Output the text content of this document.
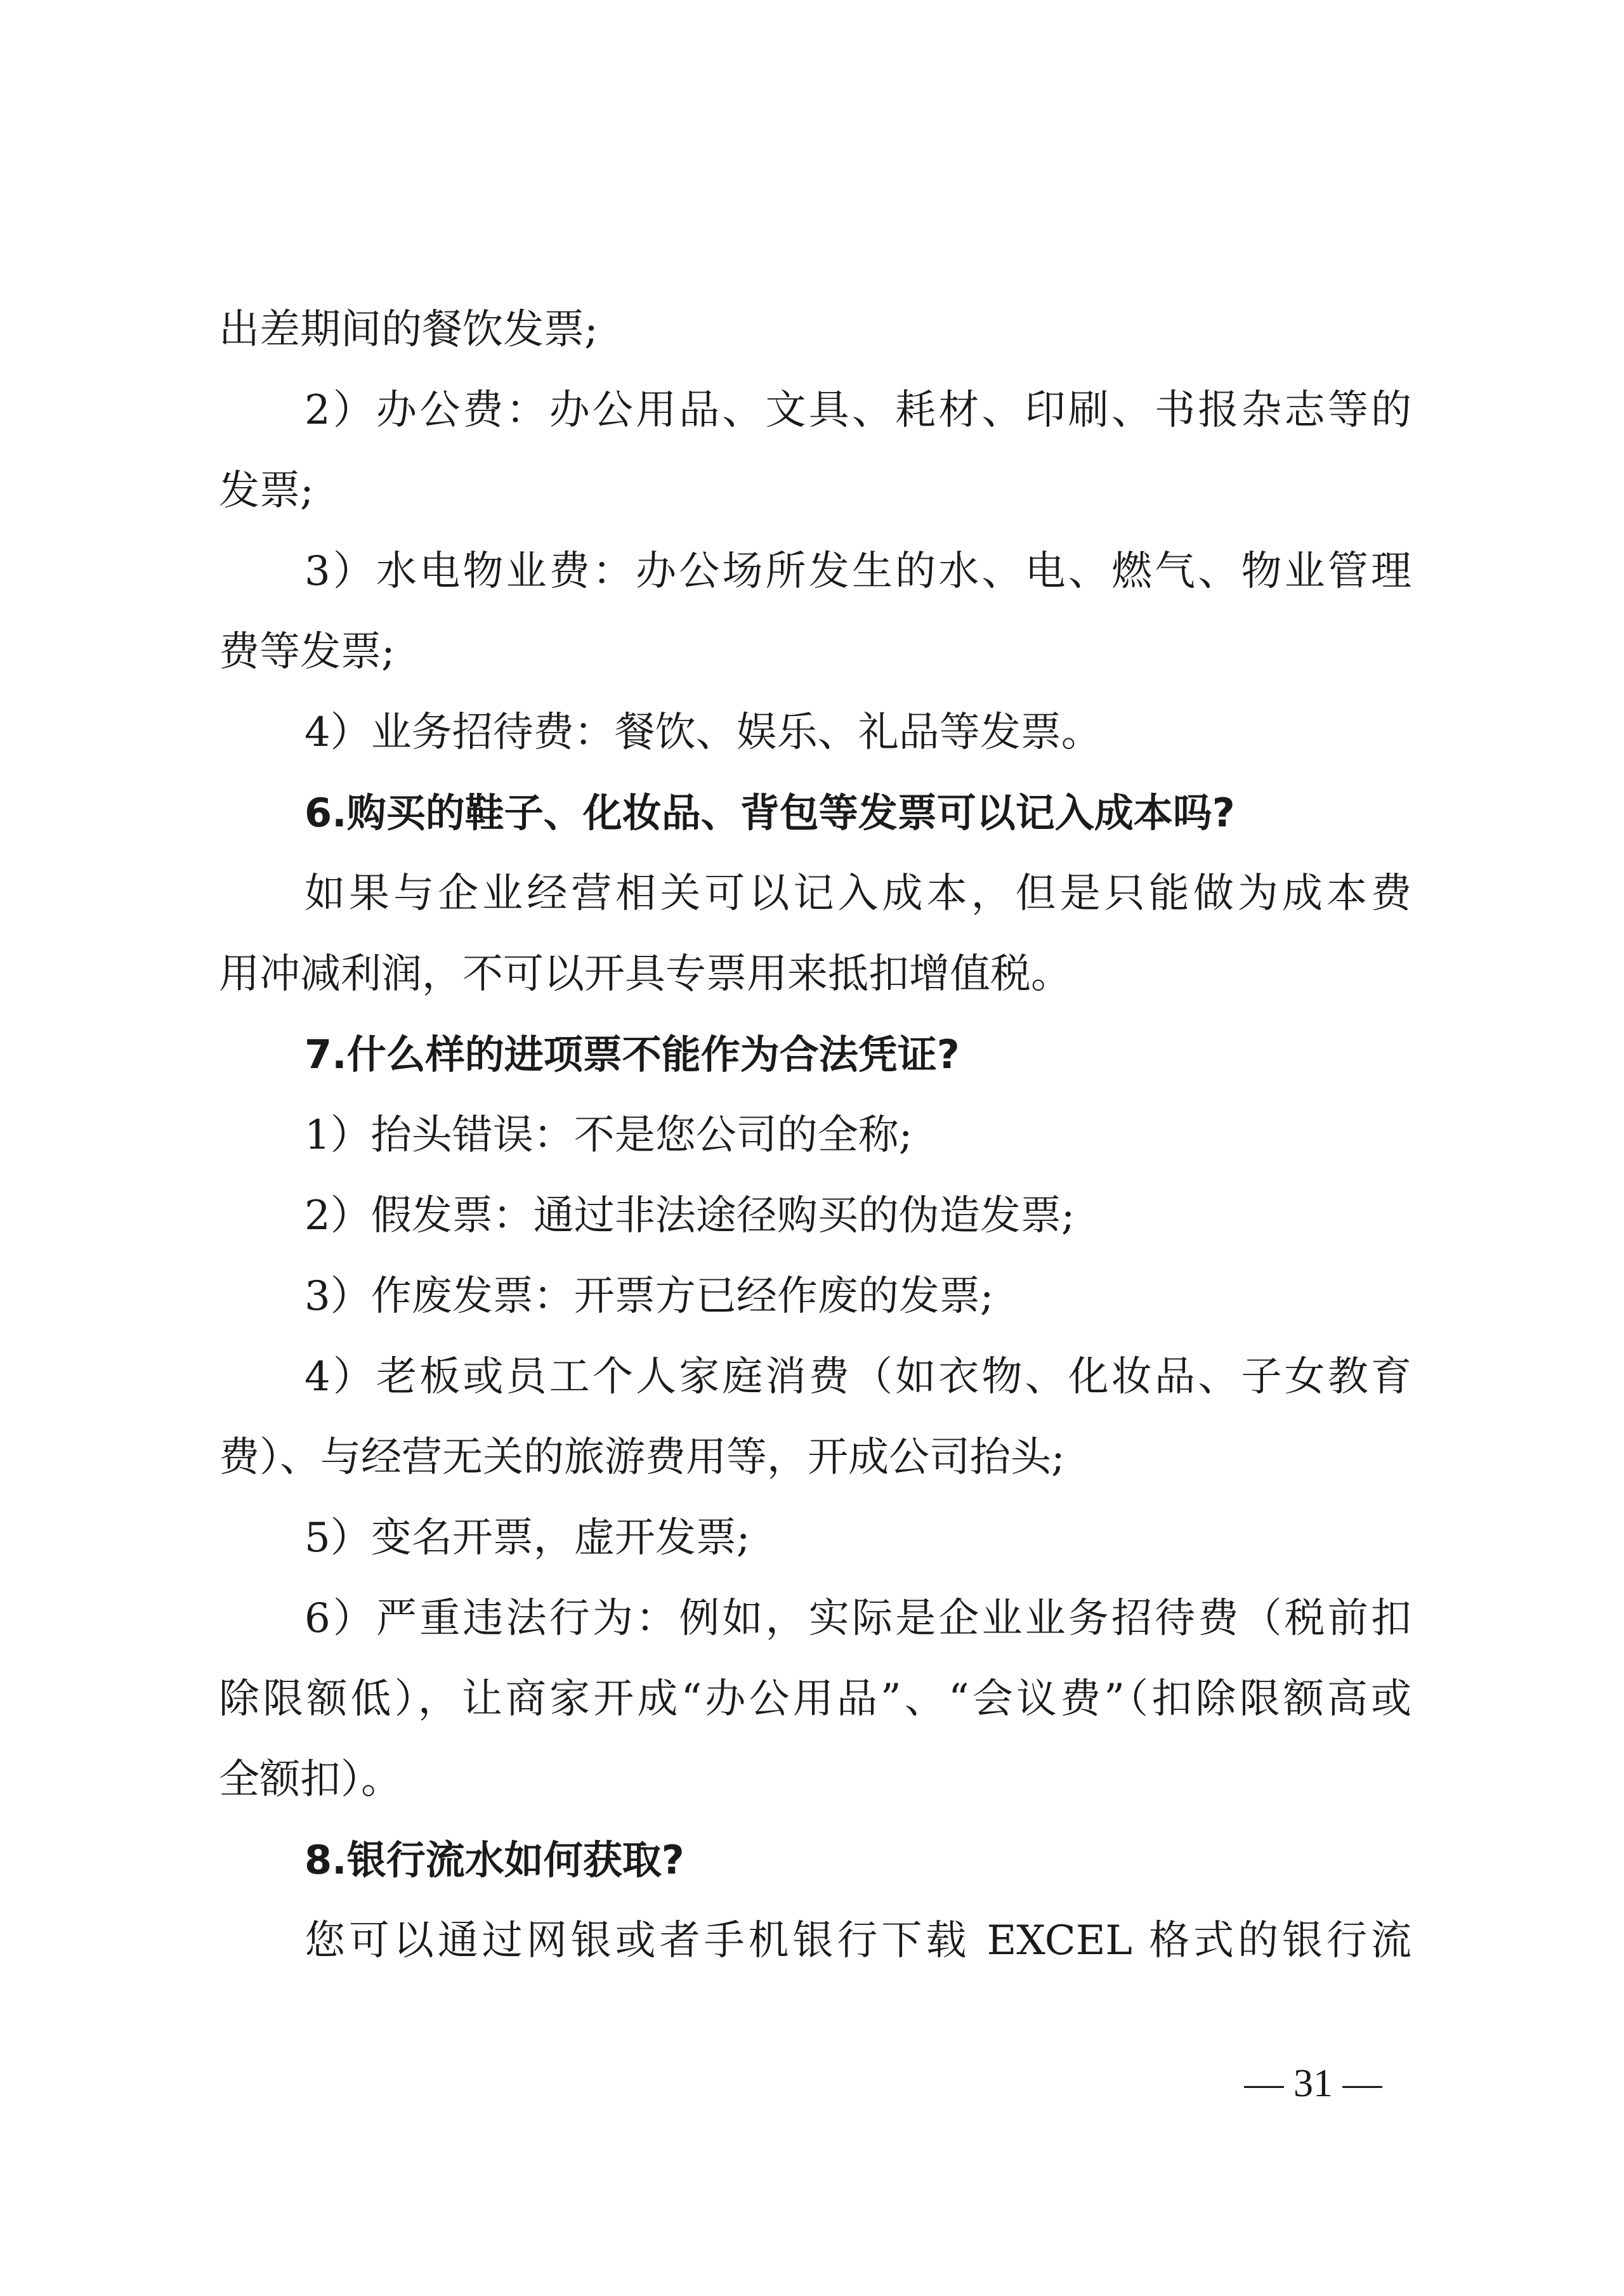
出差期间的餐饮发票;
2）办公费：办公用品、文具、耗材、印刷、书报杂志等的
发票;
3）水电物业费：办公场所发生的水、电、燃气、物业管理
费等发票;
4）业务招待费：餐饮、娱乐、礼品等发票。
6.购买的鞋子、化妆品、背包等发票可以记入成本吗?
如果与企业经营相关可以记入成本，但是只能做为成本费
用冲减利润，不可以开具专票用来抵扣增值税。
7.什么样的进项票不能作为合法凭证?
1）抬头错误：不是您公司的全称;
2）假发票：通过非法途径购买的伪造发票;
3）作废发票：开票方已经作废的发票;
4）老板或员工个人家庭消费（如衣物、化妆品、子女教育
费）、与经营无关的旅游费用等，开成公司抬头;
5）变名开票，虚开发票;
6）严重违法行为：例如，实际是企业业务招待费（税前扣
除限额低），让商家开成“办公用品”、“会议费”（扣除限额高或
全额扣）。
8.银行流水如何获取?
您可以通过网银或者手机银行下载 EXCEL 格式的银行流
— 31 —
